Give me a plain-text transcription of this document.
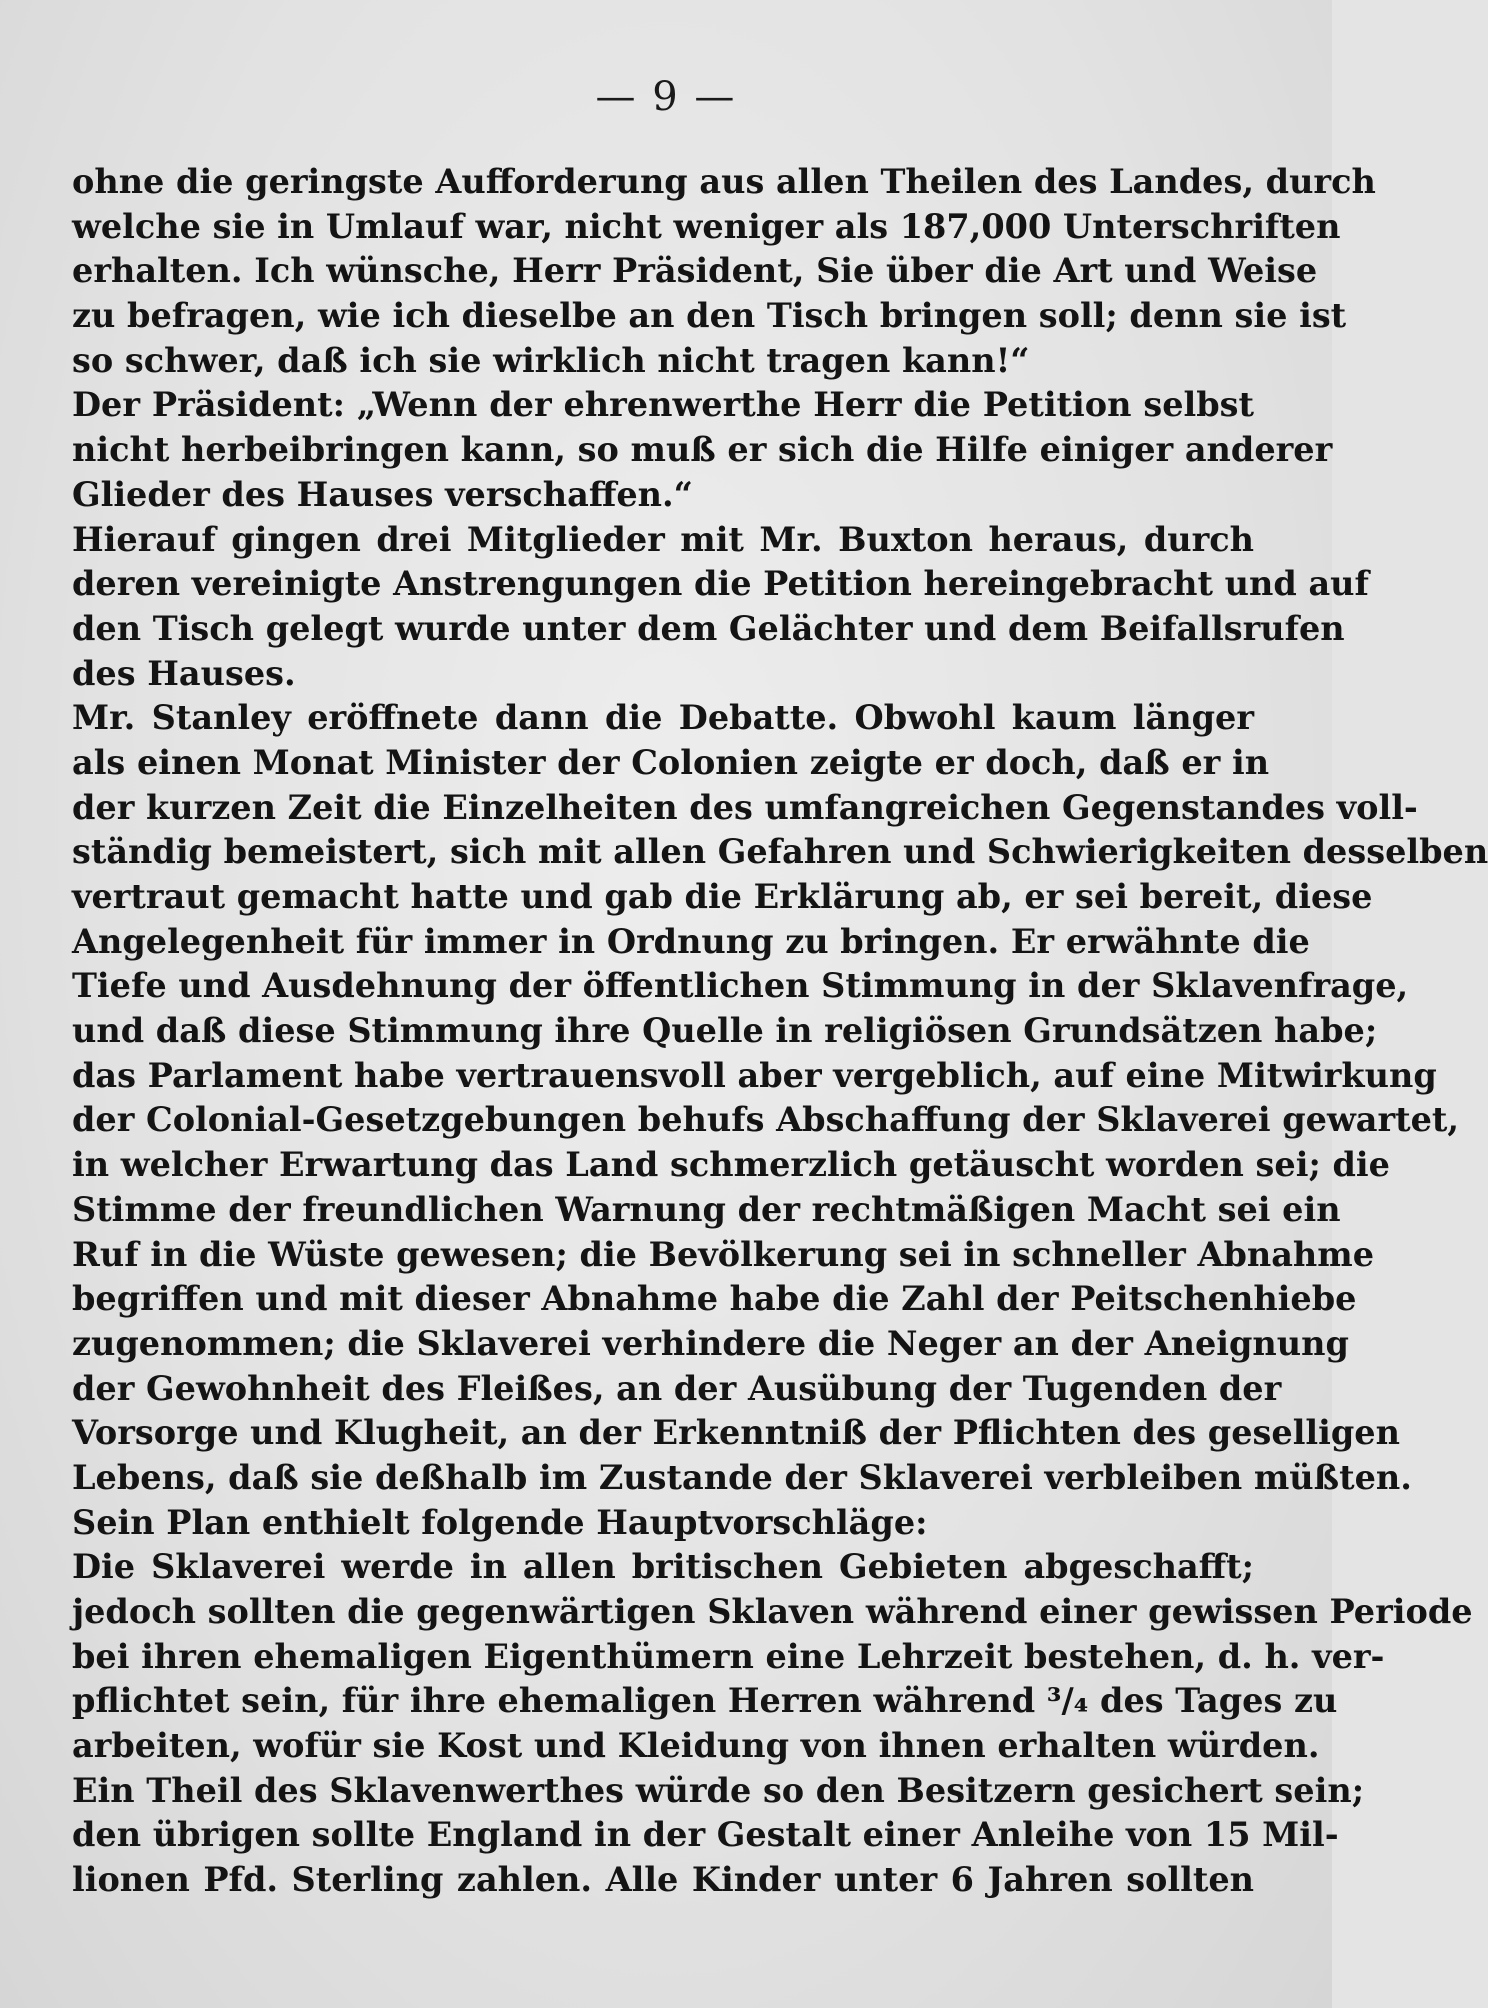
— 9 —
ohne die geringste Aufforderung aus allen Theilen des Landes, durch
welche sie in Umlauf war, nicht weniger als 187,000 Unterschriften
erhalten. Ich wünsche, Herr Präsident, Sie über die Art und Weise
zu befragen, wie ich dieselbe an den Tisch bringen soll; denn sie ist
so schwer, daß ich sie wirklich nicht tragen kann!“
Der Präsident: „Wenn der ehrenwerthe Herr die Petition selbst
nicht herbeibringen kann, so muß er sich die Hilfe einiger anderer
Glieder des Hauses verschaffen.“
Hierauf gingen drei Mitglieder mit Mr. Buxton heraus, durch
deren vereinigte Anstrengungen die Petition hereingebracht und auf
den Tisch gelegt wurde unter dem Gelächter und dem Beifallsrufen
des Hauses.
Mr. Stanley eröffnete dann die Debatte. Obwohl kaum länger
als einen Monat Minister der Colonien zeigte er doch, daß er in
der kurzen Zeit die Einzelheiten des umfangreichen Gegenstandes voll-
ständig bemeistert, sich mit allen Gefahren und Schwierigkeiten desselben
vertraut gemacht hatte und gab die Erklärung ab, er sei bereit, diese
Angelegenheit für immer in Ordnung zu bringen. Er erwähnte die
Tiefe und Ausdehnung der öffentlichen Stimmung in der Sklavenfrage,
und daß diese Stimmung ihre Quelle in religiösen Grundsätzen habe;
das Parlament habe vertrauensvoll aber vergeblich, auf eine Mitwirkung
der Colonial-Gesetzgebungen behufs Abschaffung der Sklaverei gewartet,
in welcher Erwartung das Land schmerzlich getäuscht worden sei; die
Stimme der freundlichen Warnung der rechtmäßigen Macht sei ein
Ruf in die Wüste gewesen; die Bevölkerung sei in schneller Abnahme
begriffen und mit dieser Abnahme habe die Zahl der Peitschenhiebe
zugenommen; die Sklaverei verhindere die Neger an der Aneignung
der Gewohnheit des Fleißes, an der Ausübung der Tugenden der
Vorsorge und Klugheit, an der Erkenntniß der Pflichten des geselligen
Lebens, daß sie deßhalb im Zustande der Sklaverei verbleiben müßten.
Sein Plan enthielt folgende Hauptvorschläge:
Die Sklaverei werde in allen britischen Gebieten abgeschafft;
jedoch sollten die gegenwärtigen Sklaven während einer gewissen Periode
bei ihren ehemaligen Eigenthümern eine Lehrzeit bestehen, d. h. ver-
pflichtet sein, für ihre ehemaligen Herren während ³/₄ des Tages zu
arbeiten, wofür sie Kost und Kleidung von ihnen erhalten würden.
Ein Theil des Sklavenwerthes würde so den Besitzern gesichert sein;
den übrigen sollte England in der Gestalt einer Anleihe von 15 Mil-
lionen Pfd. Sterling zahlen. Alle Kinder unter 6 Jahren sollten
